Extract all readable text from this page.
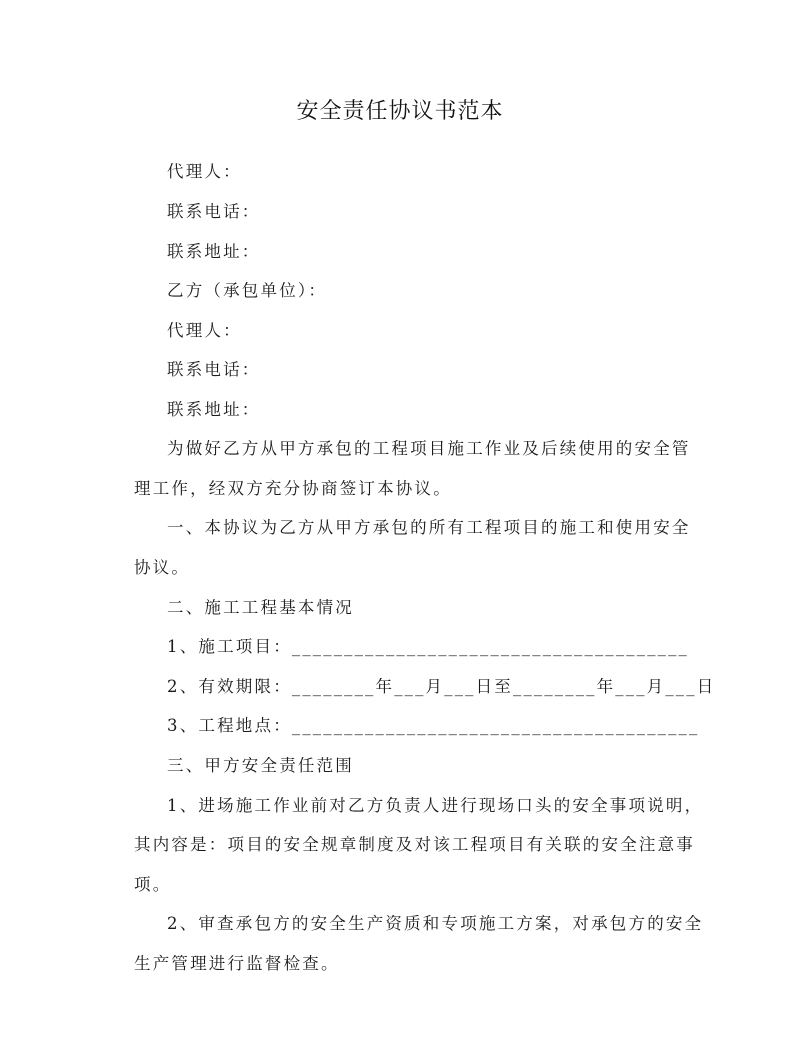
安全责任协议书范本
代理人：
联系电话：
联系地址：
乙方（承包单位）：
代理人：
联系电话：
联系地址：
为做好乙方从甲方承包的工程项目施工作业及后续使用的安全管
理工作，经双方充分协商签订本协议。
一、本协议为乙方从甲方承包的所有工程项目的施工和使用安全
协议。
二、施工工程基本情况
1、施工项目：______________________________________
2、有效期限：________年___月___日至________年___月___日
3、工程地点：_______________________________________
三、甲方安全责任范围
1、进场施工作业前对乙方负责人进行现场口头的安全事项说明，
其内容是：项目的安全规章制度及对该工程项目有关联的安全注意事
项。
2、审查承包方的安全生产资质和专项施工方案，对承包方的安全
生产管理进行监督检查。
